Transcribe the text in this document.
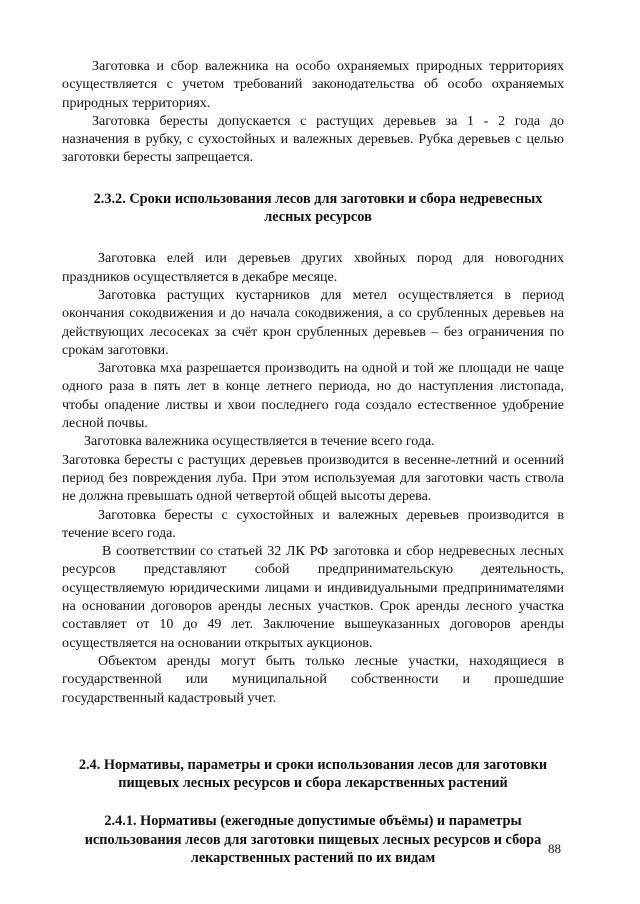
Заготовка и сбор валежника на особо охраняемых природных территориях осуществляется с учетом требований законодательства об особо охраняемых природных территориях.

Заготовка бересты допускается с растущих деревьев за 1 - 2 года до назначения в рубку, с сухостойных и валежных деревьев. Рубка деревьев с целью заготовки бересты запрещается.

2.3.2. Сроки использования лесов для заготовки и сбора недревесных лесных ресурсов

Заготовка елей или деревьев других хвойных пород для новогодних праздников осуществляется в декабре месяце.

Заготовка растущих кустарников для метел осуществляется в период окончания сокодвижения и до начала сокодвижения, а со срубленных деревьев на действующих лесосеках за счёт крон срубленных деревьев – без ограничения по срокам заготовки.

Заготовка мха разрешается производить на одной и той же площади не чаще одного раза в пять лет в конце летнего периода, но до наступления листопада, чтобы опадение листвы и хвои последнего года создало естественное удобрение лесной почвы.

Заготовка валежника осуществляется в течение всего года.

Заготовка бересты с растущих деревьев производится в весенне-летний и осенний период без повреждения луба. При этом используемая для заготовки часть ствола не должна превышать одной четвертой общей высоты дерева.

Заготовка бересты с сухостойных и валежных деревьев производится в течение всего года.

В соответствии со статьей 32 ЛК РФ заготовка и сбор недревесных лесных ресурсов представляют собой предпринимательскую деятельность, осуществляемую юридическими лицами и индивидуальными предпринимателями на основании договоров аренды лесных участков. Срок аренды лесного участка составляет от 10 до 49 лет. Заключение вышеуказанных договоров аренды осуществляется на основании открытых аукционов.

Объектом аренды могут быть только лесные участки, находящиеся в государственной или муниципальной собственности и прошедшие государственный кадастровый учет.

2.4. Нормативы, параметры и сроки использования лесов для заготовки пищевых лесных ресурсов и сбора лекарственных растений
2.4.1. Нормативы (ежегодные допустимые объёмы) и параметры использования лесов для заготовки пищевых лесных ресурсов и сбора лекарственных растений по их видам
88
